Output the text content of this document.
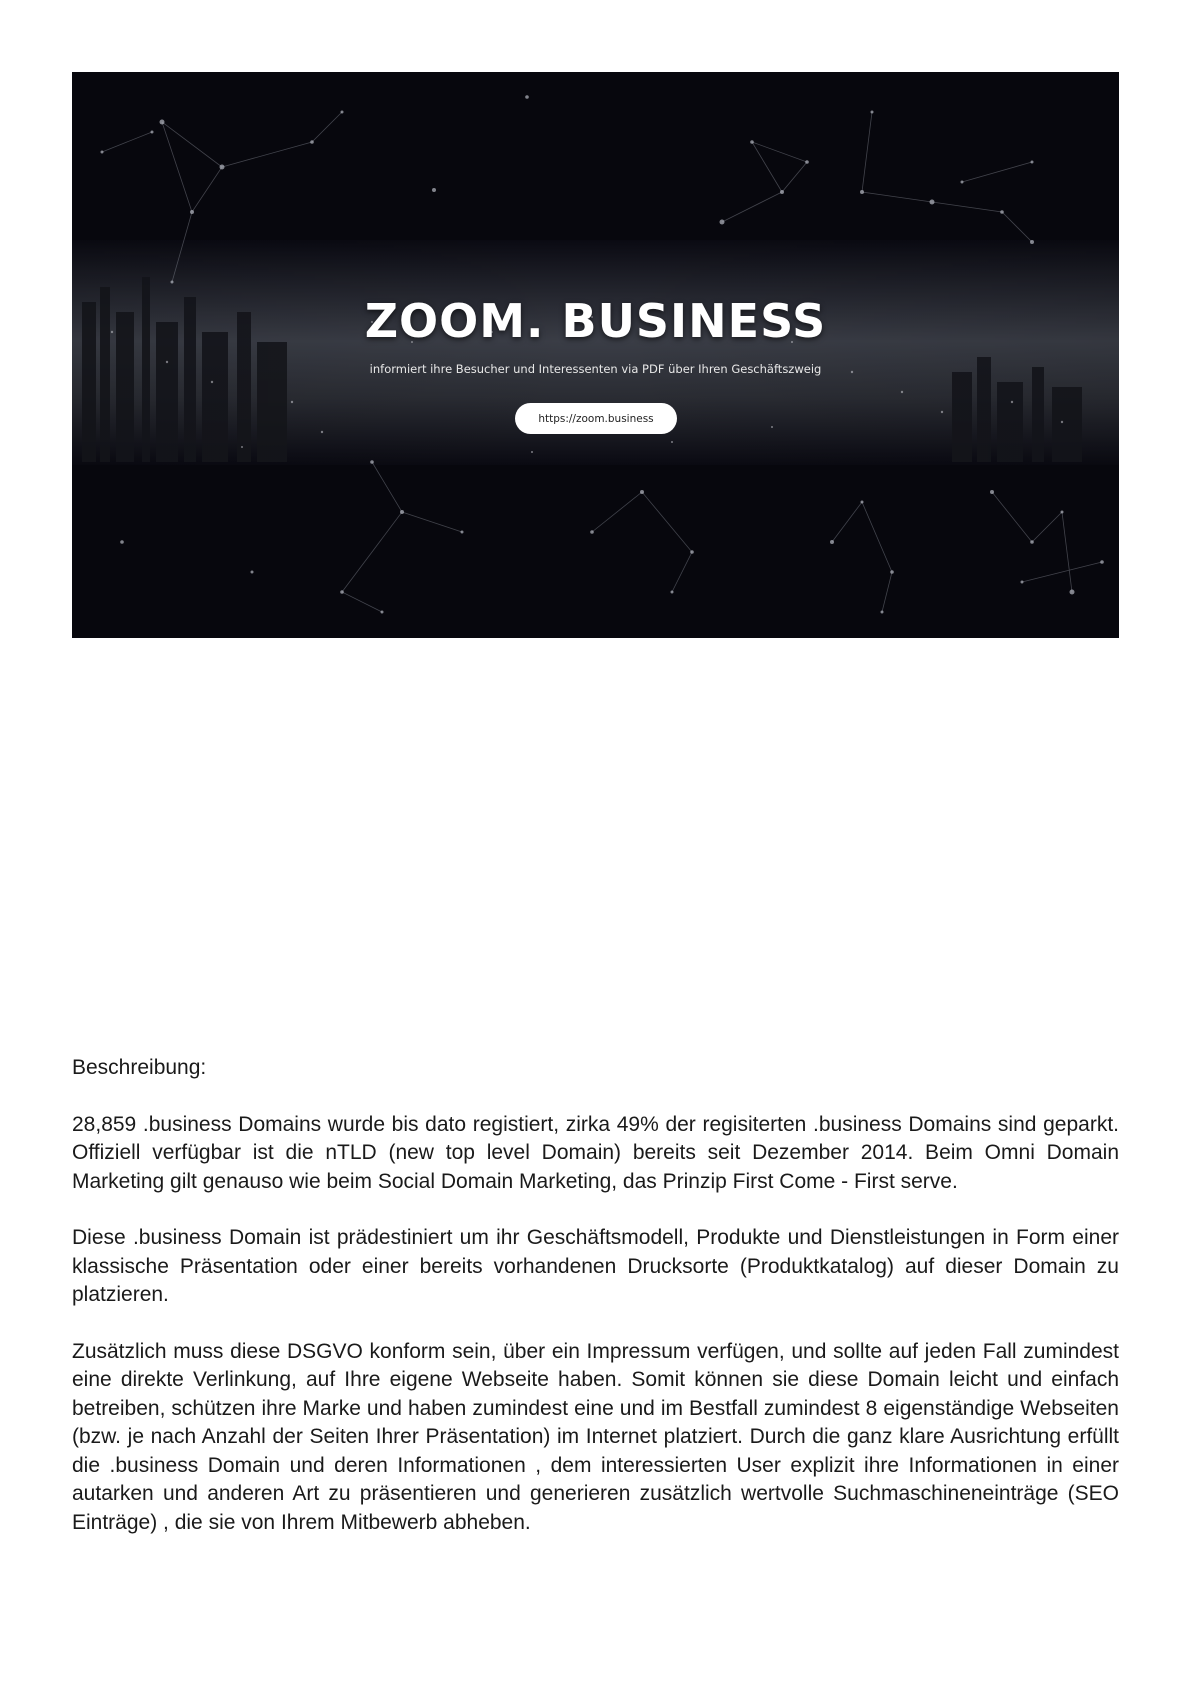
ZOOM. BUSINESS
informiert ihre Besucher und Interessenten via PDF über Ihren Geschäftszweig
https://zoom.business

Beschreibung:

28,859 .business Domains wurde bis dato registiert, zirka 49% der regisiterten .business Domains sind geparkt. Offiziell verfügbar ist die nTLD (new top level Domain) bereits seit Dezember 2014. Beim Omni Domain Marketing gilt genauso wie beim Social Domain Marketing, das Prinzip First Come - First serve.

Diese .business Domain ist prädestiniert um ihr Geschäftsmodell, Produkte und Dienstleistungen in Form einer klassische Präsentation oder einer bereits vorhandenen Drucksorte (Produktkatalog) auf dieser Domain zu platzieren.

Zusätzlich muss diese DSGVO konform sein, über ein Impressum verfügen, und sollte auf jeden Fall zumindest eine direkte Verlinkung, auf Ihre eigene Webseite haben. Somit können sie diese Domain leicht und einfach betreiben, schützen ihre Marke und haben zumindest eine und im Bestfall zumindest 8 eigenständige Webseiten (bzw. je nach Anzahl der Seiten Ihrer Präsentation) im Internet platziert. Durch die ganz klare Ausrichtung erfüllt die .business Domain und deren Informationen , dem interessierten User explizit ihre Informationen in einer autarken und anderen Art zu präsentieren und generieren zusätzlich wertvolle Suchmaschineneinträge (SEO Einträge) , die sie von Ihrem Mitbewerb abheben.
